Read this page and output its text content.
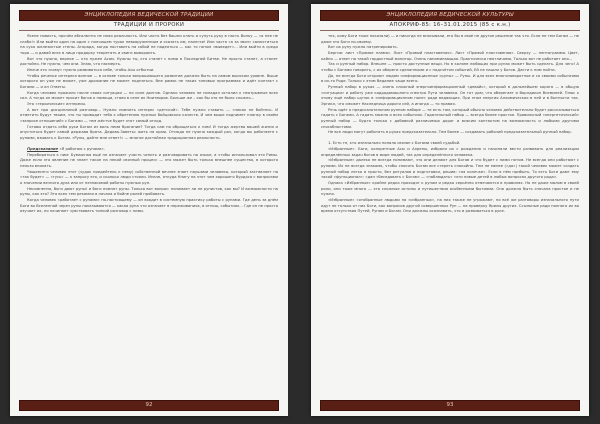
ЭНЦИКЛОПЕДИЯ ВЕДИЧЕСКОЙ ТРАДИЦИИ
ТРАДИЦИИ И ПРОРОКИ

Ясене повисть, прочём абсолютно не иная реальность. Или часто без башни клять и сунуть руку в пасть Волку — «а нее не слабо!» Или выйти один на один с полчищем турок невооруженным и сказать им, налегке! Или часто «а за звон» салюститься на сухо железистые стены. Агорада, когда поставить на собой не надеяться — как то потом «выведет»... Или выйти в среди тора — и давай всех в лицо продорку теоретать и свиги вывороить.

Вот что нужно, верное — кто нужен Асам. Нужны ты, кто станет с ними в Последней Битве. Не просто станет, а станет достойно. Не нужно, чем они. Знаю, что насмерть.

Иначе это «кому» нужно развиваться себе, чтобы Асы отбытии.

Чтобы реченье интереса вопное — в основе только вопрошающего развитие должно быть на самом высоком уровне. Выше которого он уже не может, уже дрожание не может подняться. Вне рамок не таких типовых программах и идёт контакт с Богами — и он Ответы.

Когда человек прожило после своих ситуации — но силе долгов. Однако человек не попадал осталил к неотрывные всех сил. А тогда он может просит богов о помощи, ставя в сене их Ниитворов. Больше же – как бы это не было сложно...

Это «героические» интересы.

А вот про дисциплиной разговор... Нужно помнить интерес «детский». Тебе нужно ставить — «никак не бойтесь. И отметить будут твоим, что ты приводит тебя к обретению нужных бойцовских качеств. И чем выше поднимет планку в своём «запросе отношений» с Богами — тем жёстче будет этот самый отход.

Готовы отдать себя руки Богам из воль нема брогание? Тогда сам по обращаться к ним! И тогда жертва вашей жизни и опуститься будет самой держава брата. Дедова-Заветы: жить на краю. Отсюда не нужно каждый раз, когда вы работаете с рунами, взывать к Богам. «Руны, дайте мне ответ!» — многое достойная традиционная реальность.

Предсказание «Я работаю с рунами».

Перебираться к ним: Бумажная ещё не означает участь чепить и разговаривать на языке, а чтобы использовал это Римы. Даже если это явление не знает такое на некий связный процесс — это может быть только внешнее существо, в которого нельзя вникать.

Чащеесего человек этот (чудак предейтель к нему) собственной вечнее знает наушами человека, который заставляет на «так будет» — «гусь» — к запросу его, и сколько люди стояли. Иначе, откуда Книгу на этот чем хорошего бурдоса с вопросами о значении вечного духа или от незнакомой работы нужных рун.

Несомненно, боги дают руны! и боги помнят руны. Только вот вопрос: понимает ли не рунистов, как вы? И возможности на руны, как это? Это всех тем рекамни в начала и бойне ролей пробовать.

Когда человек «работает с рунами» по-настоящему — он входит в системную практику работы с рунами. Где день за днём Боги во Вселенной через руны показываются — какая руна что означает в переживаниях, в отнош, событиях... Где он не просто изучает их, но начинает чувствовать тонкий разговор с ними.

92
ЭНЦИКЛОПЕДИЯ ВЕДИЧЕСКОЙ КУЛЬТУРЫ
АПОКРИФ-85: 16–31.01.2015 (85 с к.н.)

тех, кому Боги тоже показали) — и никогда не вписывали, его бы в своё не другое решение так что. Если не тем Богам — не даже это Боги по-своему.

Вот их руну нужно натренировать.

Бергия: лист «Прямое пламя». Лист «Прямой пластовеная». Лист «Прямой пластовеная». Сверху — пентаграмма. Цвет, кайно — ответ на такой гордостный монитор. Очень напоминающая. Практически неотличимо. Только вот не работает оно...

Так и рунный набор. Внешне — просто доступные вещи. Но в коляне любящих при рунах может быть сделать. Для чего! А чтобы с Богами говорить, с их обереги сделанными и с подсчётом событий, Ей не нашли у Богов. Дасти к ним пойти.

Да, не всегда Боги откроют людям «информационные «руны» — Руны. И для всех многоповоротное и со своими событиями в их-то Роде. Только с этим Ведание чаще всего.

Рунный набор в руках — очень сложный энергоинформационный «девайс», который в дальнейшем коряга — в общую «ситуации» и работу уже кадродомашнего спектра Пути человека. Он тот дом, что оберегает и Ворлдикон Всеминей. Плюс к этому ещё набор шуток в «информационном поле» ради ведающих. При этом энергия Алхимическая в ней и в бытности так. Эргикл, что сможет Наследница дороги сей, а иногда — то правая.

Речь идёт о предсказательном рунном наборе — те есть том, который обычно человек действительно будет рассказываться гадать с Богами. А гадать можно о всех событиях. Гадательный набор — всегда более простое. Правильный «энергетический» рунный набор — будто только с добавкой различимых дорог и всяким контактом на возможность и любыми другими способностями.

Не все люди могут работать в руках предсказательно. Тем более — создавать рабочий предсказательный рунный набор.

1. Есть те, кто изначально попало связан с Богами своей судьбой.

«Избранные». Боги, конкретные Асы и Ахрены, избрали их с рождения и начинали вести развивать для реализации определённых задач богов в мире людей, так для определённого человека.

«Избранные» далеко не всегда понимают, что они делают для Богов и что будет с ними потом. Не всегда они работают с рунами. Их не всегда знакомо, чтобы сносить Богам все стереть спокойно. Тем не менее («да») такой человек может создать рунный набор легко и просто, без ритуалов и подготовки, решив: «на колечке». Если в нём прибыть. То есть Боги дают ему такой «функционал»: «дан «беседовать с Богом» — «наблюдать» «эти новые детей в любых вопросах другого рода».

Однако «Избранные» крайне редко проходят к рунам и редко серьёзно отмечаются в правилах. Но не даже малом в своей роли, они тоже много — это сложные истины и путешествия особенными бытиями. Оно должно быть сначала простое и не нужно.

«Избранные» «отобранные людьми на «избранных», на них также не угрожают, но всё же разговоры изначального пути идут не только от них Боги, как вопросов другой совершенных Рун — на проверку Ярилы других. Ссыльные ради полного их во время отсутствия Путей, Рунам и Богам. Они должны осознавать, что и развиваться в руке.

93
